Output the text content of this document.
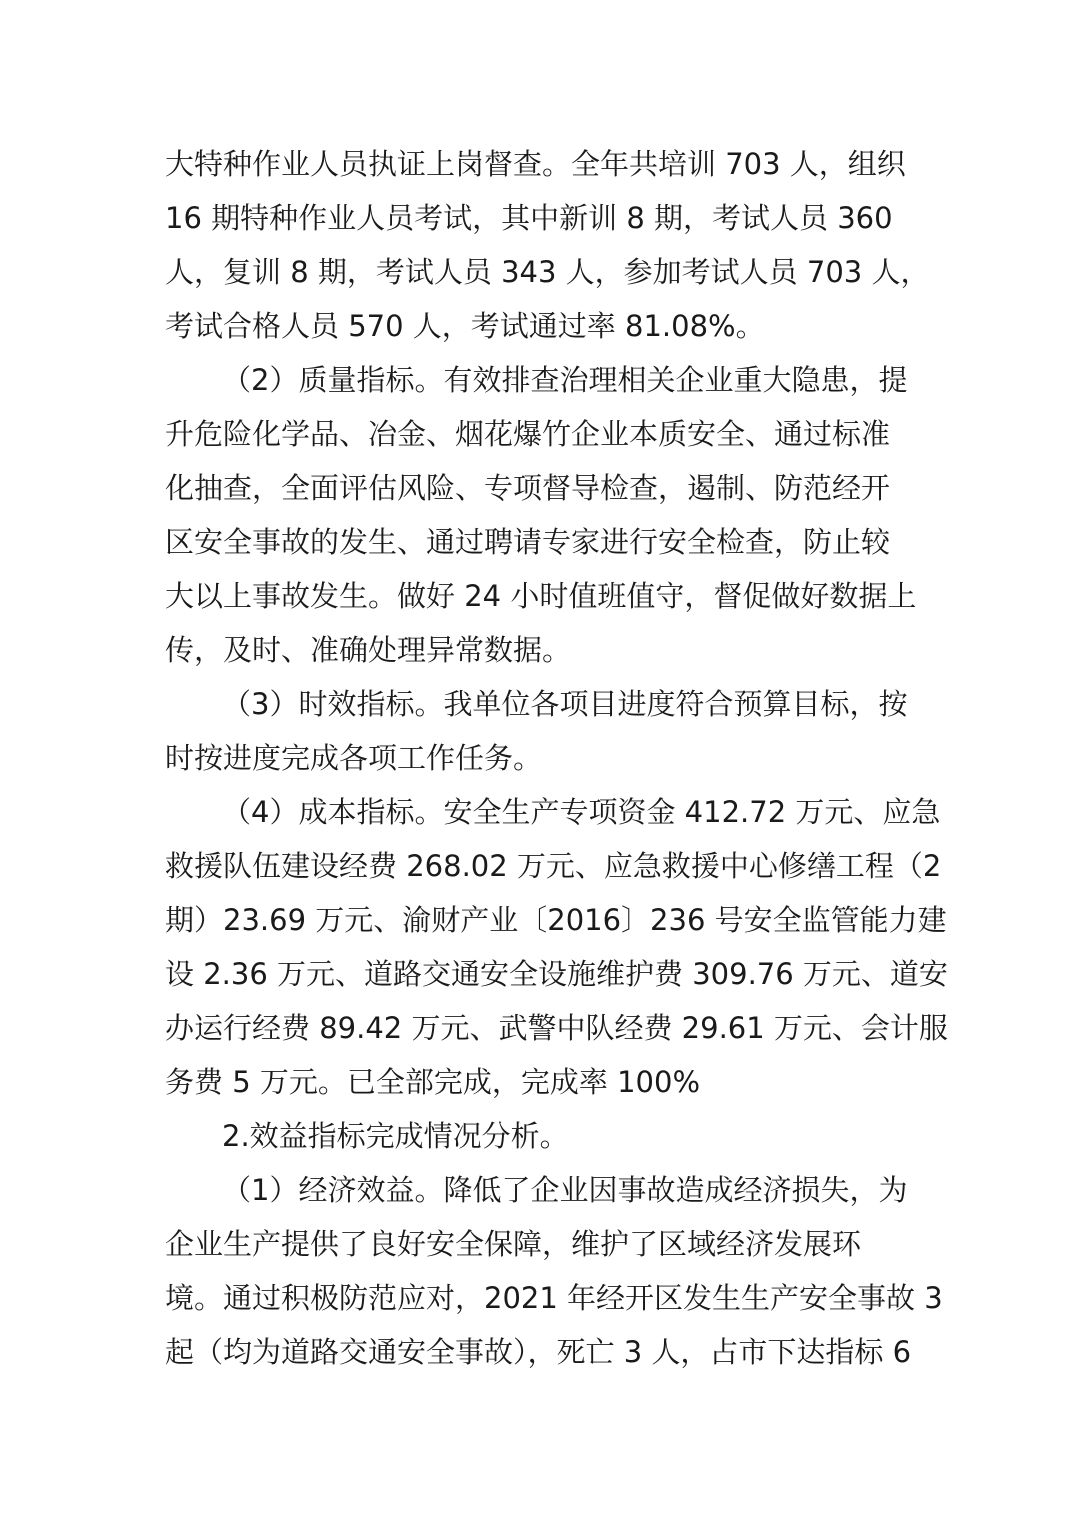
大特种作业人员执证上岗督查。全年共培训 703 人，组织
16 期特种作业人员考试，其中新训 8 期，考试人员 360
人，复训 8 期，考试人员 343 人，参加考试人员 703 人，
考试合格人员 570 人，考试通过率 81.08%。
（2）质量指标。有效排查治理相关企业重大隐患，提
升危险化学品、冶金、烟花爆竹企业本质安全、通过标准
化抽查，全面评估风险、专项督导检查，遏制、防范经开
区安全事故的发生、通过聘请专家进行安全检查，防止较
大以上事故发生。做好 24 小时值班值守，督促做好数据上
传，及时、准确处理异常数据。
（3）时效指标。我单位各项目进度符合预算目标，按
时按进度完成各项工作任务。
（4）成本指标。安全生产专项资金 412.72 万元、应急
救援队伍建设经费 268.02 万元、应急救援中心修缮工程（2
期）23.69 万元、渝财产业〔2016〕236 号安全监管能力建
设 2.36 万元、道路交通安全设施维护费 309.76 万元、道安
办运行经费 89.42 万元、武警中队经费 29.61 万元、会计服
务费 5 万元。已全部完成，完成率 100%
2.效益指标完成情况分析。
（1）经济效益。降低了企业因事故造成经济损失，为
企业生产提供了良好安全保障，维护了区域经济发展环
境。通过积极防范应对，2021 年经开区发生生产安全事故 3
起（均为道路交通安全事故），死亡 3 人，占市下达指标 6
